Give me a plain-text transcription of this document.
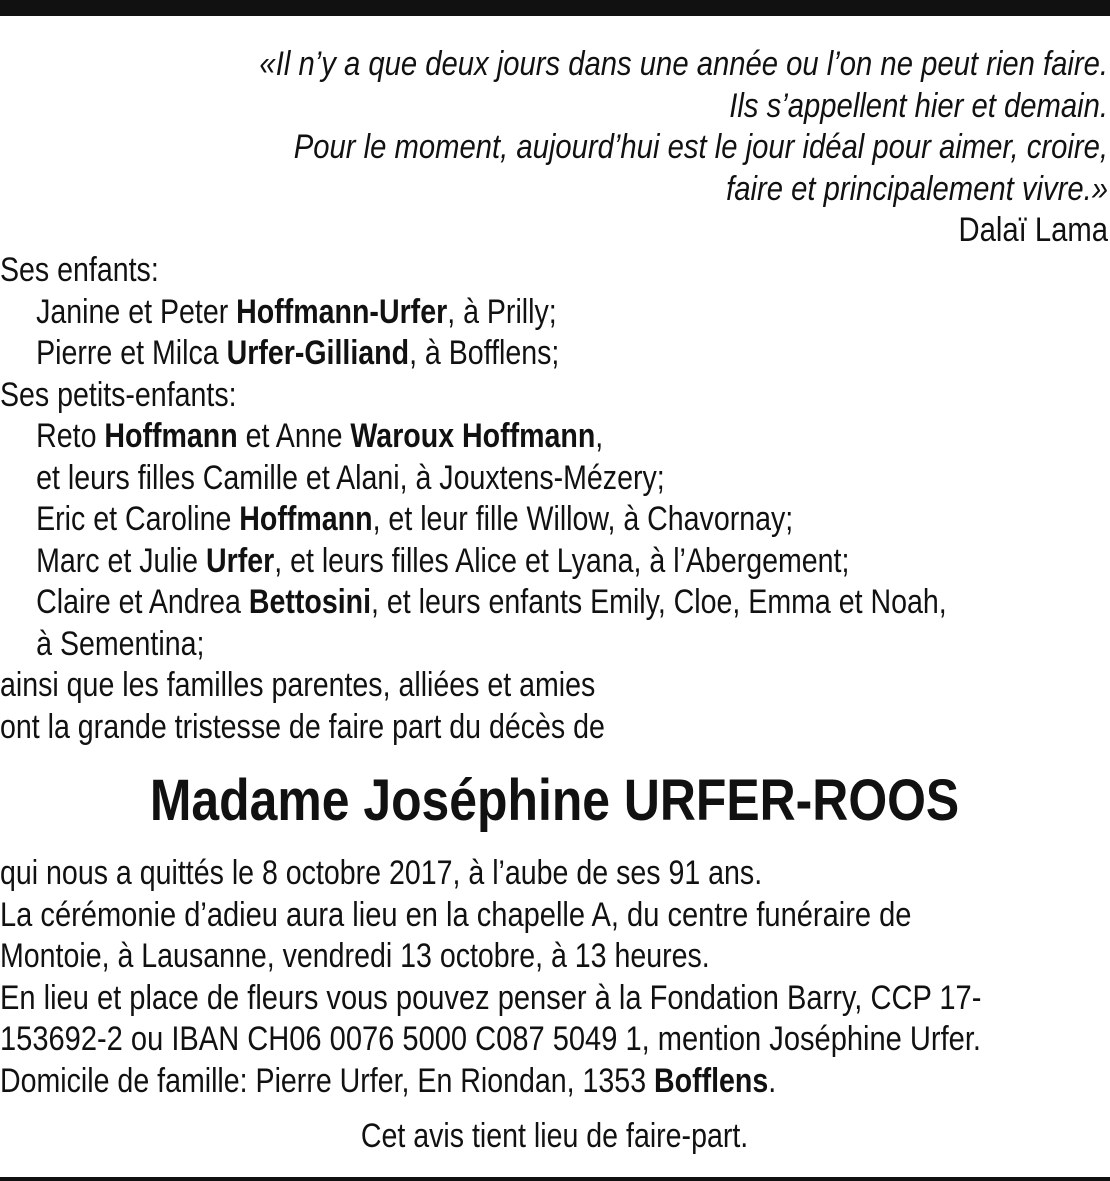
«Il n’y a que deux jours dans une année ou l’on ne peut rien faire.
Ils s’appellent hier et demain.
Pour le moment, aujourd’hui est le jour idéal pour aimer, croire,
faire et principalement vivre.»
Dalaï Lama
Ses enfants:
Janine et Peter Hoffmann-Urfer, à Prilly;
Pierre et Milca Urfer-Gilliand, à Bofflens;
Ses petits-enfants:
Reto Hoffmann et Anne Waroux Hoffmann,
et leurs filles Camille et Alani, à Jouxtens-Mézery;
Eric et Caroline Hoffmann, et leur fille Willow, à Chavornay;
Marc et Julie Urfer, et leurs filles Alice et Lyana, à l’Abergement;
Claire et Andrea Bettosini, et leurs enfants Emily, Cloe, Emma et Noah,
à Sementina;
ainsi que les familles parentes, alliées et amies
ont la grande tristesse de faire part du décès de
Madame Joséphine URFER-ROOS
qui nous a quittés le 8 octobre 2017, à l’aube de ses 91 ans.
La cérémonie d’adieu aura lieu en la chapelle A, du centre funéraire de
Montoie, à Lausanne, vendredi 13 octobre, à 13 heures.
En lieu et place de fleurs vous pouvez penser à la Fondation Barry, CCP 17-
153692-2 ou IBAN CH06 0076 5000 C087 5049 1, mention Joséphine Urfer.
Domicile de famille: Pierre Urfer, En Riondan, 1353 Bofflens.
Cet avis tient lieu de faire-part.
